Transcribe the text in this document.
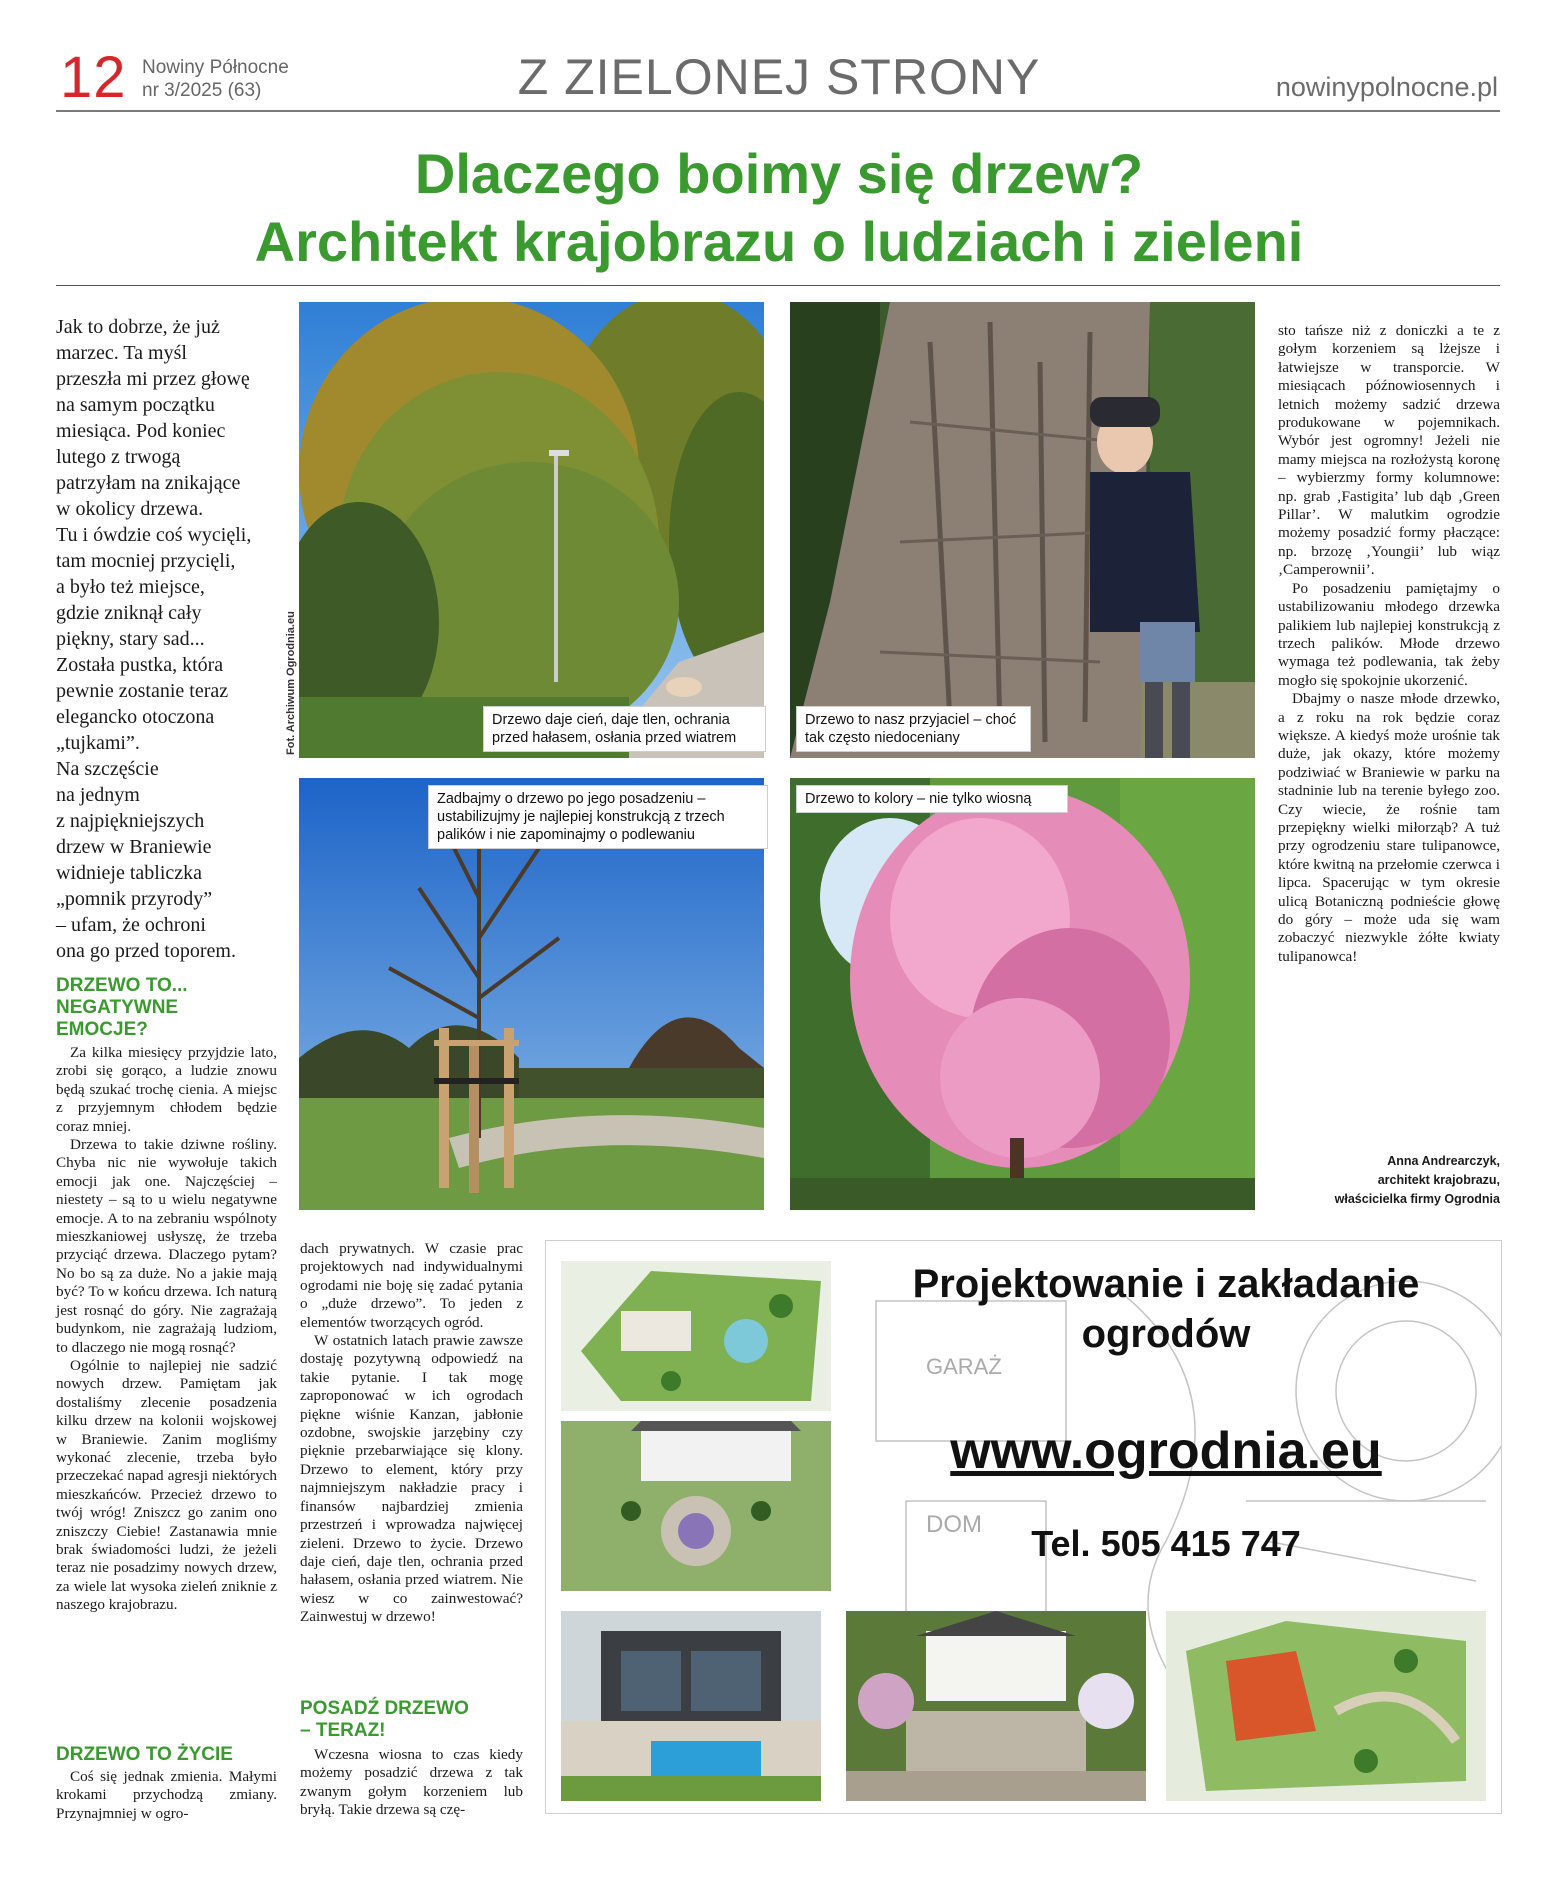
12 Nowiny Północne
nr 3/2025 (63)	Z ZIELONEJ STRONY	nowinypolnocne.pl
Dlaczego boimy się drzew?
Architekt krajobrazu o ludziach i zieleni

Jak to dobrze, że już

marzec. Ta myśl

przeszła mi przez głowę

na samym początku

miesiąca. Pod koniec

lutego z trwogą

patrzyłam na znikające

w okolicy drzewa.

Tu i ówdzie coś wycięli,

tam mocniej przycięli,

a było też miejsce,

gdzie zniknął cały

piękny, stary sad...

Została pustka, która

pewnie zostanie teraz

elegancko otoczona

„tujkami”.

Na szczęście

na jednym

z najpiękniejszych

drzew w Braniewie

widnieje tabliczka

„pomnik przyrody”

– ufam, że ochroni

ona go przed toporem.

DRZEWO TO...
NEGATYWNE
EMOCJE?

Za kilka miesięcy przyjdzie lato, zrobi się gorąco, a ludzie znowu będą szukać trochę cienia. A miejsc z przyjemnym chłodem będzie coraz mniej.

Drzewa to takie dziwne rośliny. Chyba nic nie wywołuje takich emocji jak one. Najczęściej – niestety – są to u wielu negatywne emocje. A to na zebraniu wspólnoty mieszkaniowej usłyszę, że trzeba przyciąć drzewa. Dlaczego pytam? No bo są za duże. No a jakie mają być? To w końcu drzewa. Ich naturą jest rosnąć do góry. Nie zagrażają budynkom, nie zagrażają ludziom, to dlaczego nie mogą rosnąć?

Ogólnie to najlepiej nie sadzić nowych drzew. Pamiętam jak dostaliśmy zlecenie posadzenia kilku drzew na kolonii wojskowej w Braniewie. Zanim mogliśmy wykonać zlecenie, trzeba było przeczekać napad agresji niektórych mieszkańców. Przecież drzewo to twój wróg! Zniszcz go zanim ono zniszczy Ciebie! Zastanawia mnie brak świadomości ludzi, że jeżeli teraz nie posadzimy nowych drzew, za wiele lat wysoka zieleń zniknie z naszego krajobrazu.

DRZEWO TO ŻYCIE

Coś się jednak zmienia. Małymi krokami przychodzą zmiany. Przynajmniej w ogro-

dach prywatnych. W czasie prac projektowych nad indywidualnymi ogrodami nie boję się zadać pytania o „duże drzewo”. To jeden z elementów tworzących ogród.

W ostatnich latach prawie zawsze dostaję pozytywną odpowiedź na takie pytanie. I tak mogę zaproponować w ich ogrodach piękne wiśnie Kanzan, jabłonie ozdobne, swojskie jarzębiny czy pięknie przebarwiające się klony. Drzewo to element, który przy najmniejszym nakładzie pracy i finansów najbardziej zmienia przestrzeń i wprowadza najwięcej zieleni. Drzewo to życie. Drzewo daje cień, daje tlen, ochrania przed hałasem, osłania przed wiatrem. Nie wiesz w co zainwestować? Zainwestuj w drzewo!

POSADŹ DRZEWO
– TERAZ!

Wczesna wiosna to czas kiedy możemy posadzić drzewa z tak zwanym gołym korzeniem lub bryłą. Takie drzewa są czę-

sto tańsze niż z doniczki a te z gołym korzeniem są lżejsze i łatwiejsze w transporcie. W miesiącach późnowiosennych i letnich możemy sadzić drzewa produkowane w pojemnikach. Wybór jest ogromny! Jeżeli nie mamy miejsca na rozłożystą koronę – wybierzmy formy kolumnowe: np. grab ‚Fastigita’ lub dąb ‚Green Pillar’. W malutkim ogrodzie możemy posadzić formy płaczące: np. brzozę ‚Youngii’ lub wiąz ‚Camperownii’.

Po posadzeniu pamiętajmy o ustabilizowaniu młodego drzewka palikiem lub najlepiej konstrukcją z trzech palików. Młode drzewo wymaga też podlewania, tak żeby mogło się spokojnie ukorzenić.

Dbajmy o nasze młode drzewko, a z roku na rok będzie coraz większe. A kiedyś może urośnie tak duże, jak okazy, które możemy podziwiać w Braniewie w parku na stadninie lub na terenie byłego zoo. Czy wiecie, że rośnie tam przepiękny wielki miłorząb? A tuż przy ogrodzeniu stare tulipanowce, które kwitną na przełomie czerwca i lipca. Spacerując w tym okresie ulicą Botaniczną podnieście głowę do góry – może uda się wam zobaczyć niezwykle żółte kwiaty tulipanowca!

Anna Andrearczyk,
architekt krajobrazu,
właścicielka firmy Ogrodnia
Fot. Archiwum Ogrodnia.eu	Drzewo daje cień, daje tlen, ochrania przed hałasem, osłania przed wiatrem
Drzewo to nasz przyjaciel – choć tak często niedoceniany
Zadbajmy o drzewo po jego posadzeniu – ustabilizujmy je najlepiej konstrukcją z trzech palików i nie zapominajmy o podlewaniu
Drzewo to kolory – nie tylko wiosną
Projektowanie i zakładanie
ogrodów
GARAŻ
www.ogrodnia.eu
DOM	Tel. 505 415 747
